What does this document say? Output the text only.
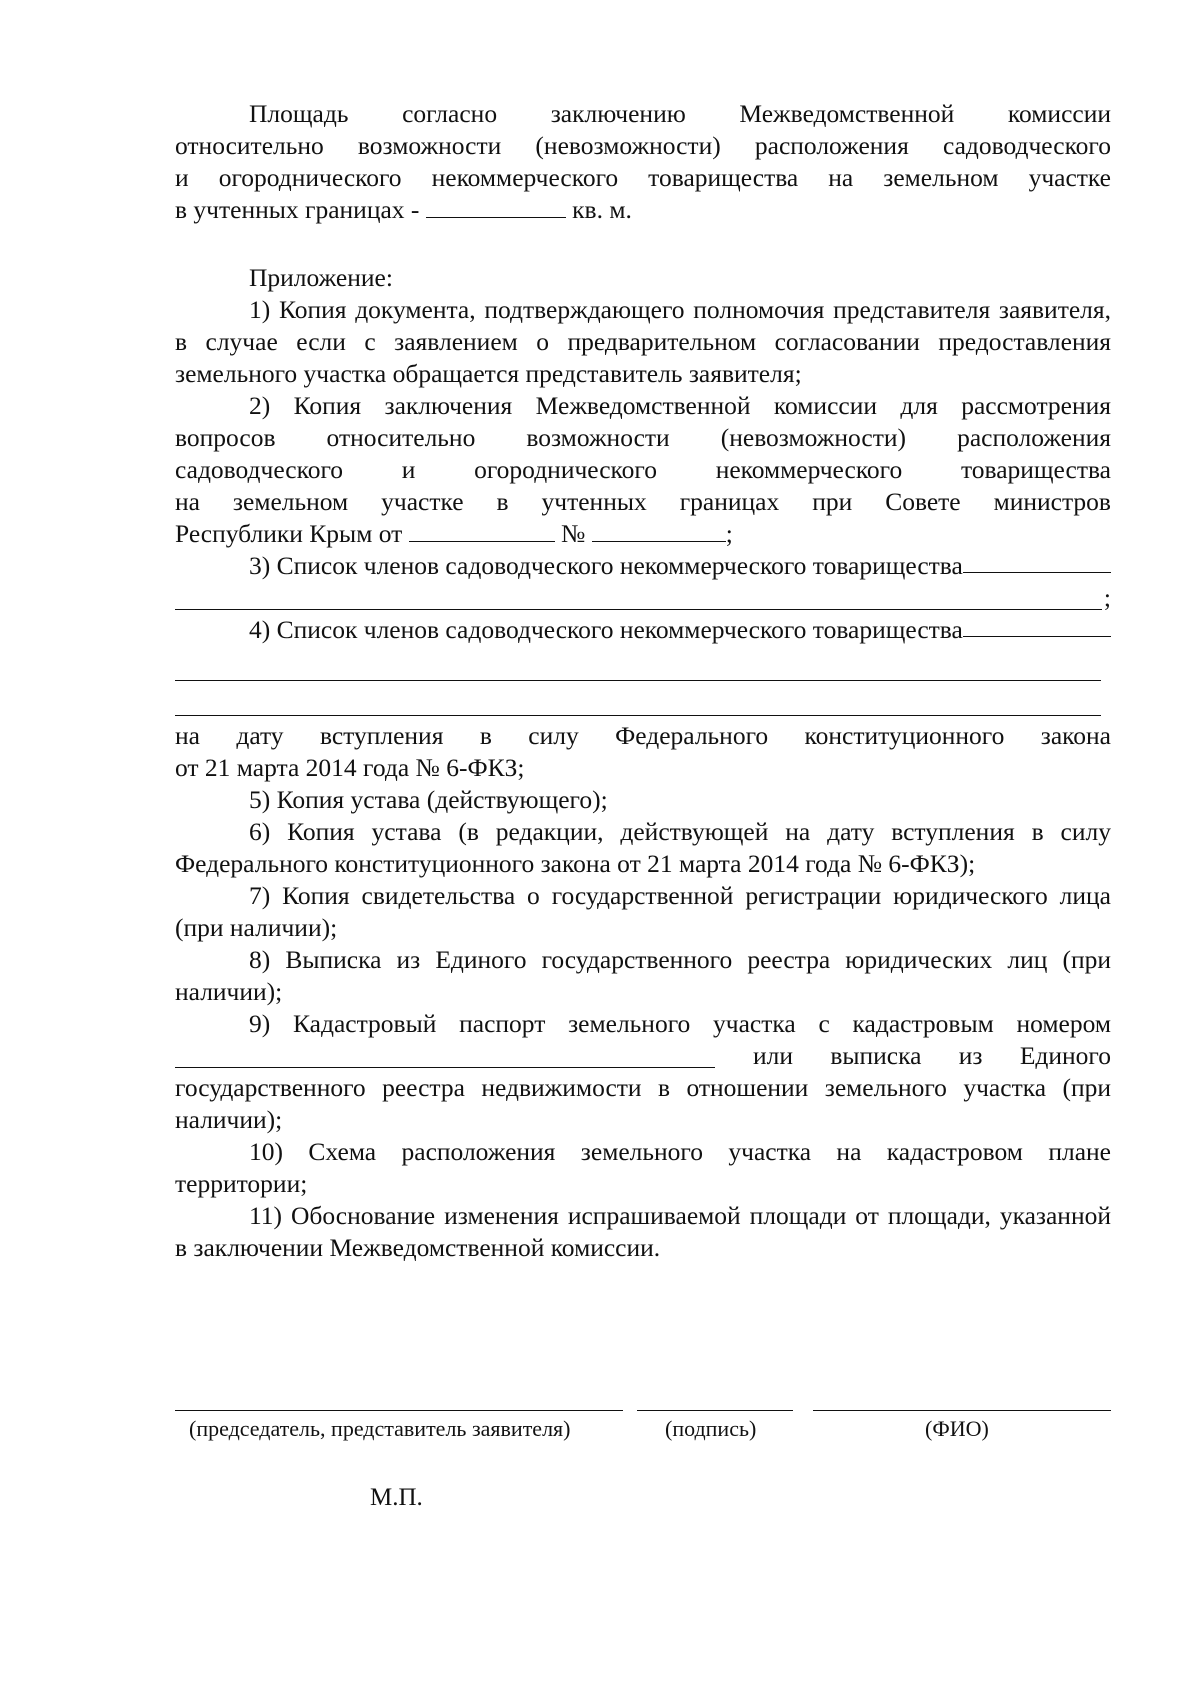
Площадь согласно заключению Межведомственной комиссии
относительно возможности (невозможности) расположения садоводческого
и огороднического некоммерческого товарищества на земельном участке
в учтенных границах -	кв. м.
Приложение:
1) Копия документа, подтверждающего полномочия представителя заявителя, в случае если с заявлением о предварительном согласовании предоставления земельного участка обращается представитель заявителя;
2) Копия заключения Межведомственной комиссии для рассмотрения
вопросов относительно возможности (невозможности) расположения
садоводческого и огороднического некоммерческого товарищества
на земельном участке в учтенных границах при Совете министров
Республики Крым от	№	;
3) Список членов садоводческого некоммерческого товарищества
;
4) Список членов садоводческого некоммерческого товарищества
на дату вступления в силу Федерального конституционного закона
от 21 марта 2014 года № 6-ФКЗ;
5) Копия устава (действующего);
6) Копия устава (в редакции, действующей на дату вступления в силу Федерального конституционного закона от 21 марта 2014 года № 6-ФКЗ);
7) Копия свидетельства о государственной регистрации юридического лица (при наличии);
8) Выписка из Единого государственного реестра юридических лиц (при наличии);
9) Кадастровый паспорт земельного участка с кадастровым номером
или выписка из Единого
государственного реестра недвижимости в отношении земельного участка (при наличии);
10) Схема расположения земельного участка на кадастровом плане территории;
11) Обоснование изменения испрашиваемой площади от площади, указанной в заключении Межведомственной комиссии.
(председатель, представитель заявителя)	(подпись)	(ФИО)
М.П.
